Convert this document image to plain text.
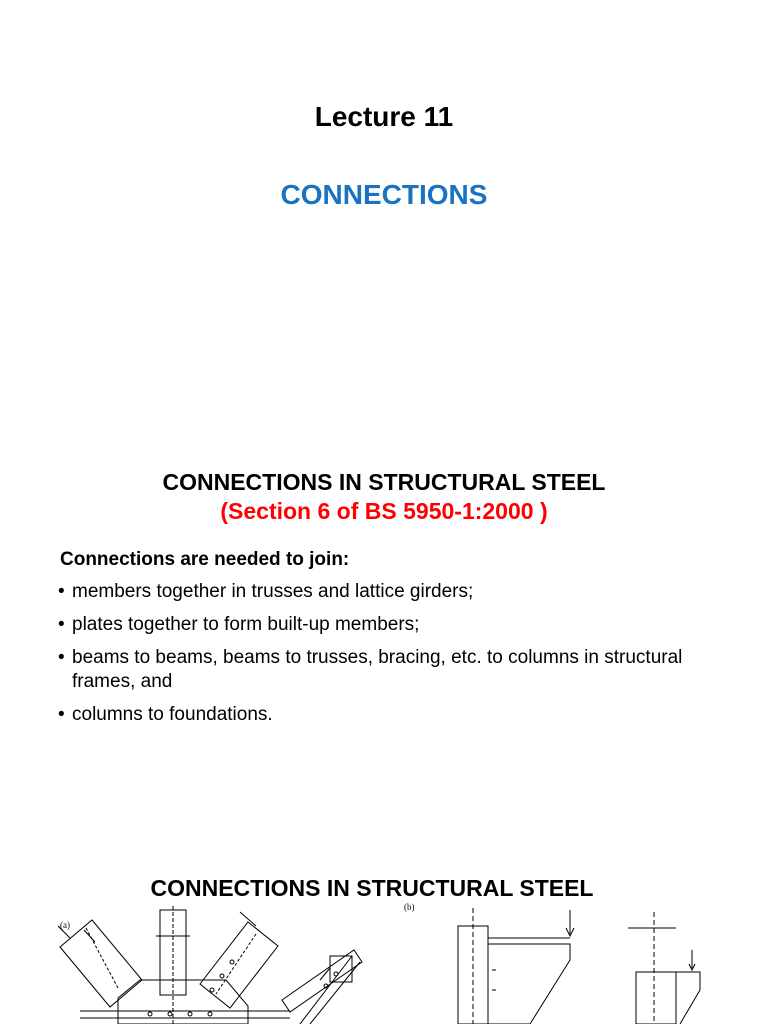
Lecture 11
CONNECTIONS
CONNECTIONS IN STRUCTURAL STEEL
(Section 6 of BS 5950-1:2000 )
Connections are needed to join:
• members together in trusses and lattice girders;
• plates together to form built-up members;
• beams to beams, beams to trusses, bracing, etc. to columns in structural frames, and
• columns to foundations.
(a)
(b)
CONNECTIONS IN STRUCTURAL STEEL
